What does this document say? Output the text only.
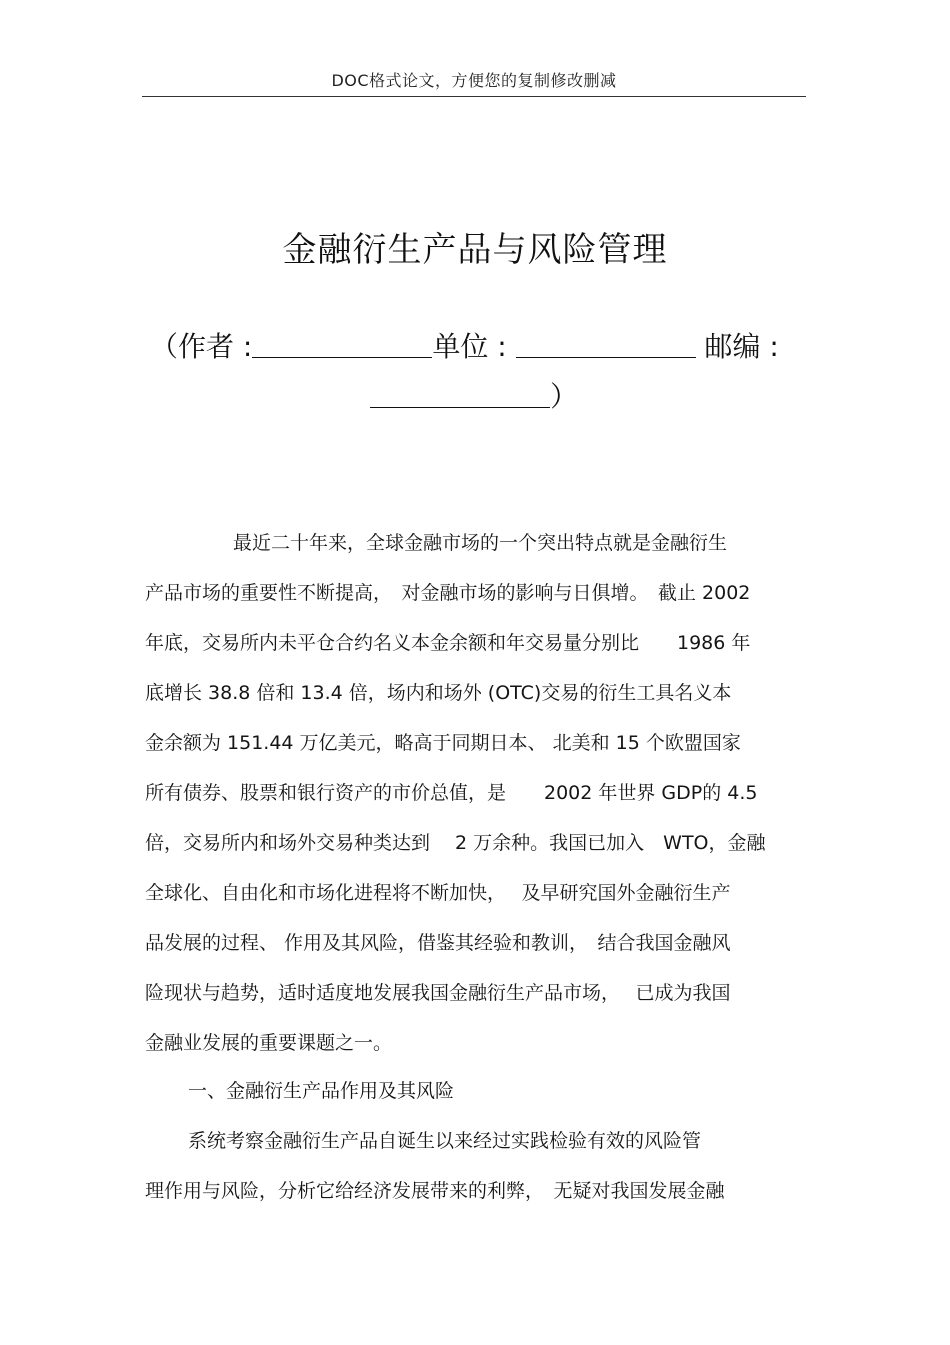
DOC格式论文，方便您的复制修改删减
金融衍生产品与风险管理
（作者 :	单位 :	邮编 :
）
最近二十年来，全球金融市场的一个突出特点就是金融衍生
产品市场的重要性不断提高，　对金融市场的影响与日俱增。　截止 2002
年底，交易所内未平仓合约名义本金余额和年交易量分别比　　1986 年
底增长 38.8 倍和 13.4 倍，场内和场外 (OTC)交易的衍生工具名义本
金余额为 151.44 万亿美元，略高于同期日本、 北美和 15 个欧盟国家
所有债券、股票和银行资产的市价总值，是　　2002 年世界 GDP的 4.5
倍，交易所内和场外交易种类达到　 2 万余种。我国已加入　WTO，金融
全球化、自由化和市场化进程将不断加快，　 及早研究国外金融衍生产
品发展的过程、 作用及其风险，借鉴其经验和教训，　结合我国金融风
险现状与趋势，适时适度地发展我国金融衍生产品市场，　 已成为我国
金融业发展的重要课题之一。
一、金融衍生产品作用及其风险
系统考察金融衍生产品自诞生以来经过实践检验有效的风险管
理作用与风险，分析它给经济发展带来的利弊，　无疑对我国发展金融
